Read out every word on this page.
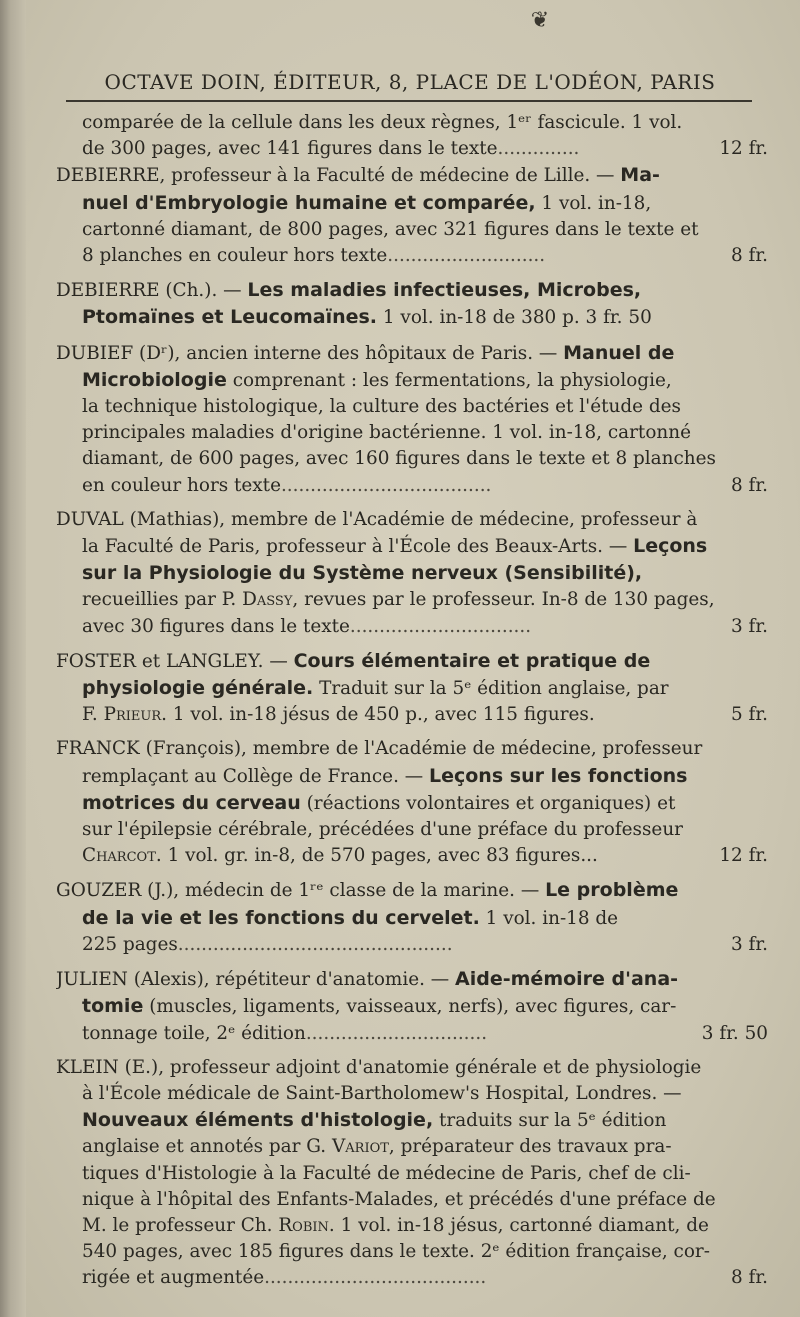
❦
OCTAVE DOIN, ÉDITEUR, 8, PLACE DE L'ODÉON, PARIS
comparée de la cellule dans les deux règnes, 1ᵉʳ fascicule. 1 vol.
de 300 pages, avec 141 figures dans le texte..............	12 fr.
DEBIERRE, professeur à la Faculté de médecine de Lille. — Ma-
nuel d'Embryologie humaine et comparée, 1 vol. in-18,
cartonné diamant, de 800 pages, avec 321 figures dans le texte et
8 planches en couleur hors texte...........................	8 fr.
DEBIERRE (Ch.). — Les maladies infectieuses, Microbes,
Ptomaïnes et Leucomaïnes. 1 vol. in-18 de 380 p. 3 fr. 50
DUBIEF (Dʳ), ancien interne des hôpitaux de Paris. — Manuel de
Microbiologie comprenant : les fermentations, la physiologie,
la technique histologique, la culture des bactéries et l'étude des
principales maladies d'origine bactérienne. 1 vol. in-18, cartonné
diamant, de 600 pages, avec 160 figures dans le texte et 8 planches
en couleur hors texte....................................	8 fr.
DUVAL (Mathias), membre de l'Académie de médecine, professeur à
la Faculté de Paris, professeur à l'École des Beaux-Arts. — Leçons
sur la Physiologie du Système nerveux (Sensibilité),
recueillies par P. Dassy, revues par le professeur. In-8 de 130 pages,
avec 30 figures dans le texte...............................	3 fr.
FOSTER et LANGLEY. — Cours élémentaire et pratique de
physiologie générale. Traduit sur la 5ᵉ édition anglaise, par
F. Prieur. 1 vol. in-18 jésus de 450 p., avec 115 figures.	5 fr.
FRANCK (François), membre de l'Académie de médecine, professeur
remplaçant au Collège de France. — Leçons sur les fonctions
motrices du cerveau (réactions volontaires et organiques) et
sur l'épilepsie cérébrale, précédées d'une préface du professeur
Charcot. 1 vol. gr. in-8, de 570 pages, avec 83 figures...	12 fr.
GOUZER (J.), médecin de 1ʳᵉ classe de la marine. — Le problème
de la vie et les fonctions du cervelet. 1 vol. in-18 de
225 pages...............................................	3 fr.
JULIEN (Alexis), répétiteur d'anatomie. — Aide-mémoire d'ana-
tomie (muscles, ligaments, vaisseaux, nerfs), avec figures, car-
tonnage toile, 2ᵉ édition...............................	3 fr. 50
KLEIN (E.), professeur adjoint d'anatomie générale et de physiologie
à l'École médicale de Saint-Bartholomew's Hospital, Londres. —
Nouveaux éléments d'histologie, traduits sur la 5ᵉ édition
anglaise et annotés par G. Variot, préparateur des travaux pra-
tiques d'Histologie à la Faculté de médecine de Paris, chef de cli-
nique à l'hôpital des Enfants-Malades, et précédés d'une préface de
M. le professeur Ch. Robin. 1 vol. in-18 jésus, cartonné diamant, de
540 pages, avec 185 figures dans le texte. 2ᵉ édition française, cor-
rigée et augmentée......................................	8 fr.
